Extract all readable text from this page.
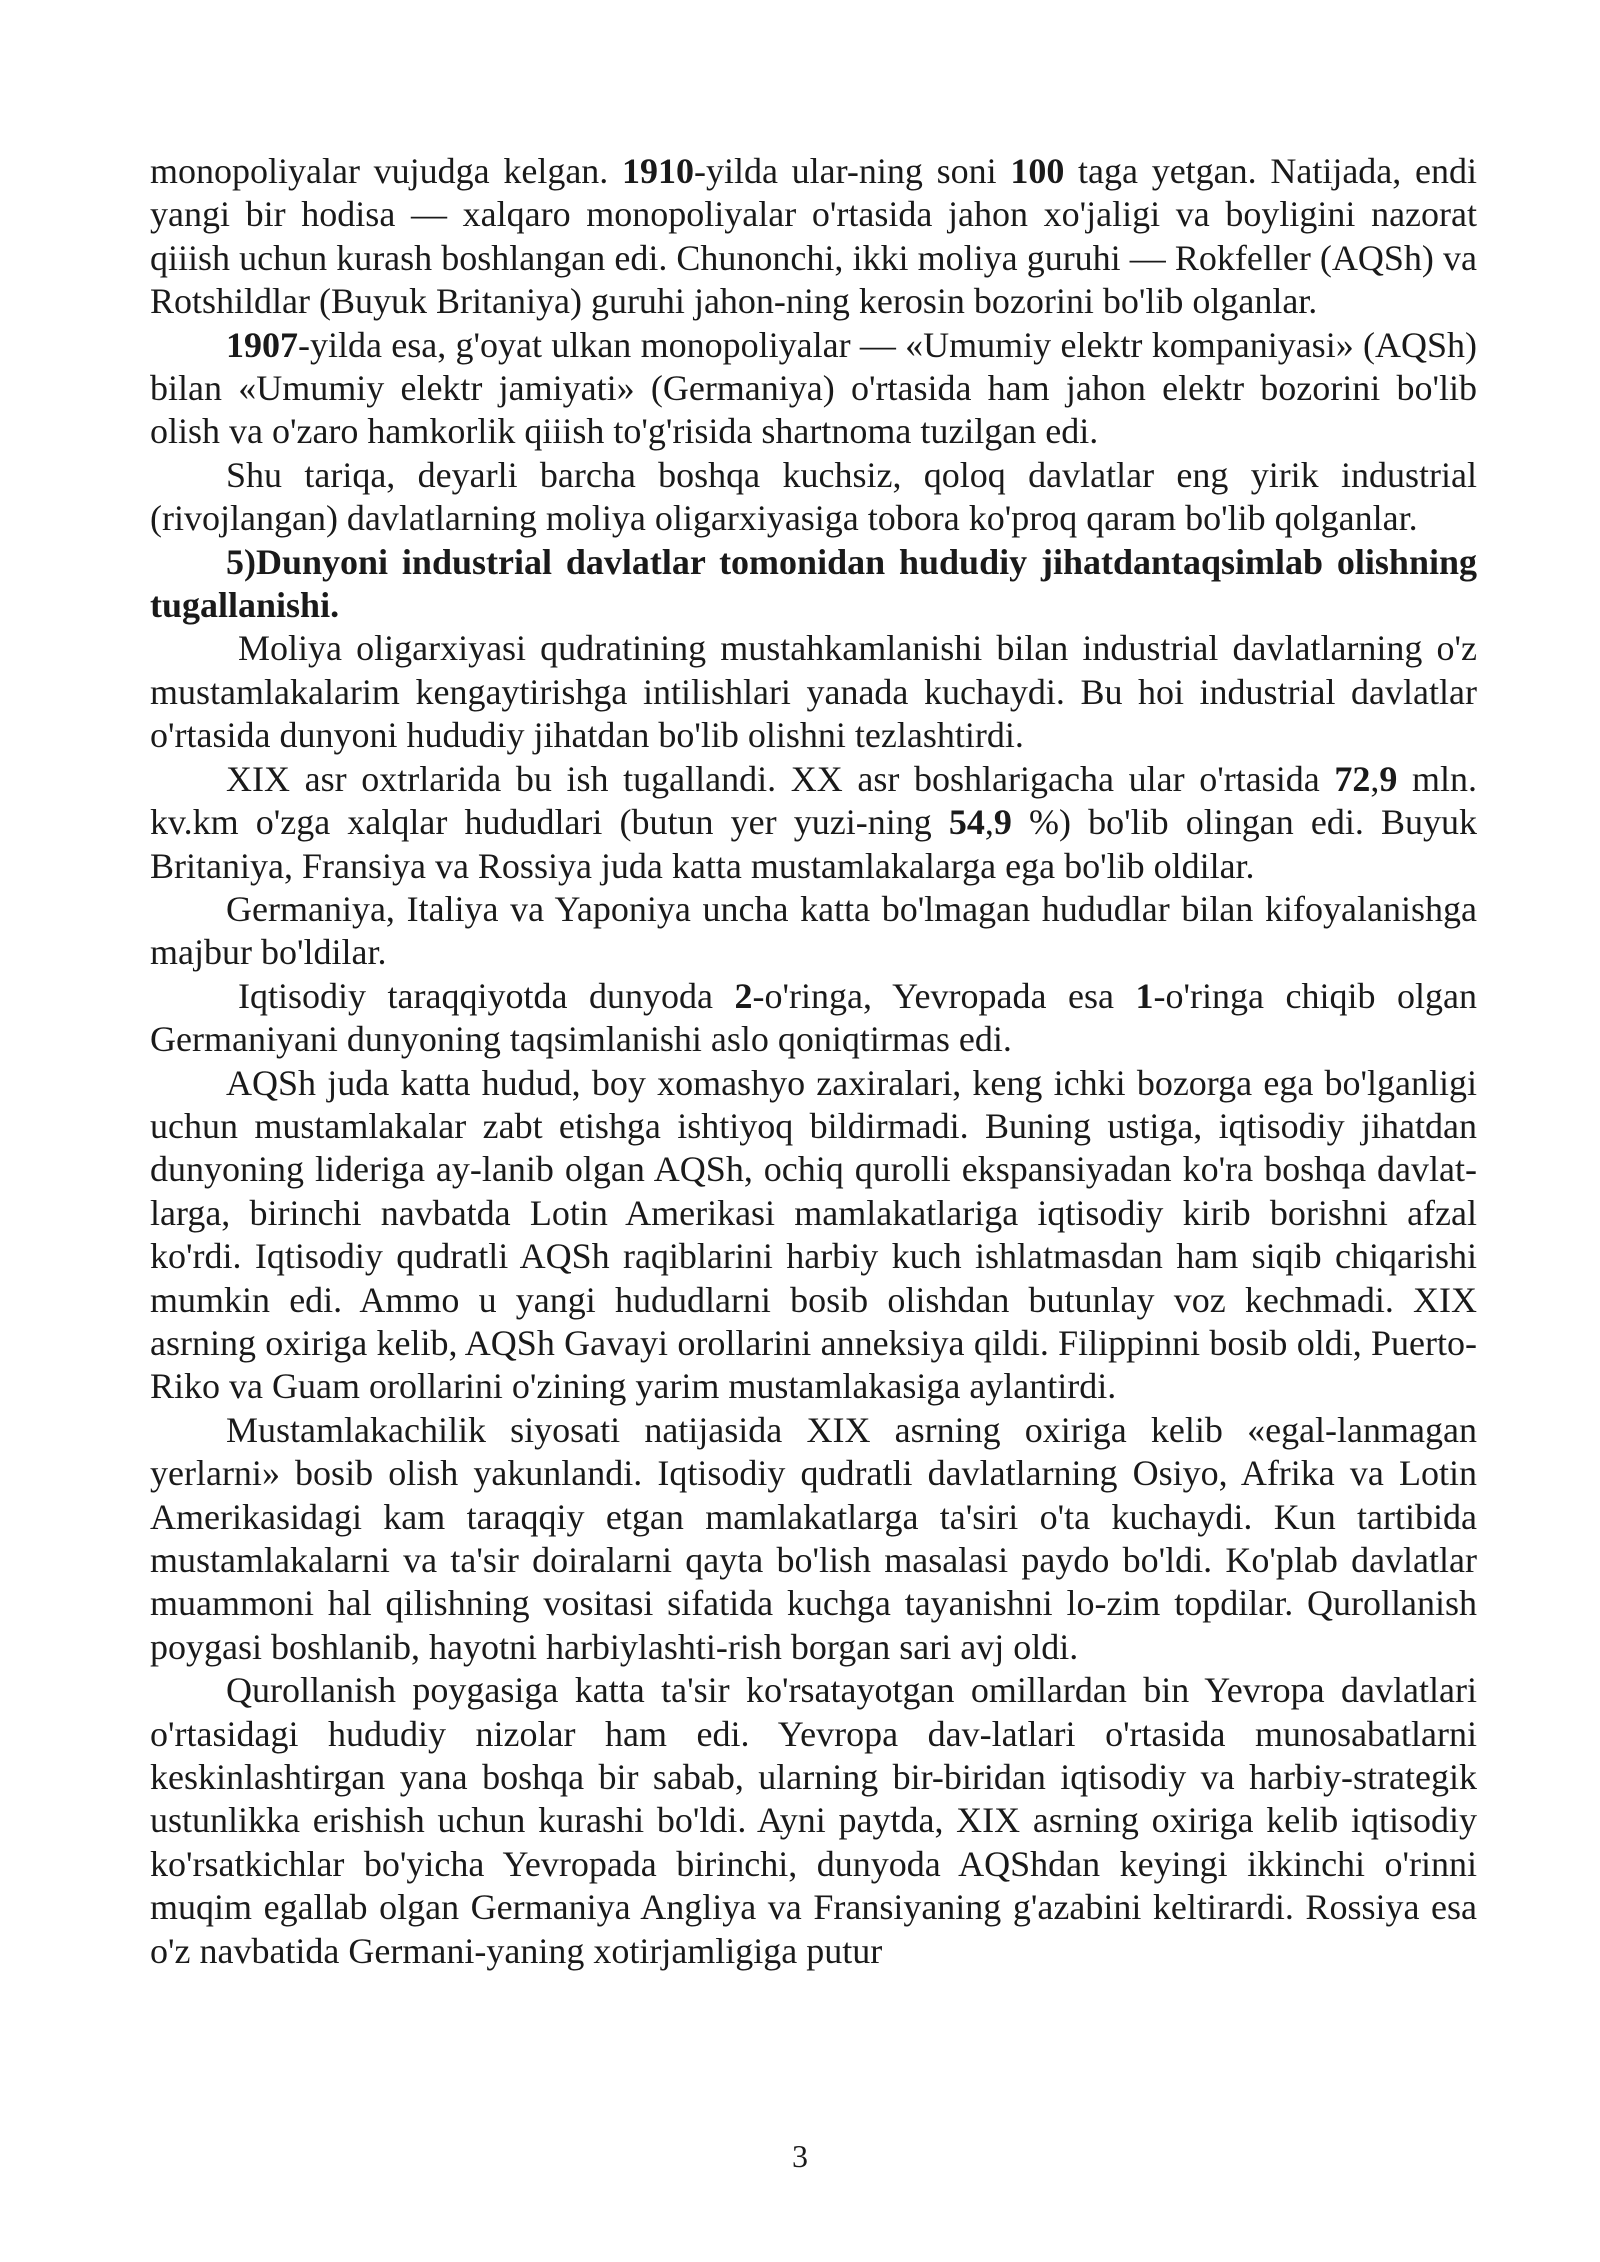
monopoliyalar vujudga kelgan. 1910-yilda ular-ning soni 100 taga yetgan. Natijada, endi yangi bir hodisa — xalqaro monopoliyalar o'rtasida jahon xo'jaligi va boyligini nazorat qiiish uchun kurash boshlangan edi. Chunonchi, ikki moliya guruhi — Rokfeller (AQSh) va Rotshildlar (Buyuk Britaniya) guruhi jahon-ning kerosin bozorini bo'lib olganlar.

1907-yilda esa, g'oyat ulkan monopoliyalar — «Umumiy elektr kompaniyasi» (AQSh) bilan «Umumiy elektr jamiyati» (Germaniya) o'rtasida ham jahon elektr bozorini bo'lib olish va o'zaro hamkorlik qiiish to'g'risida shartnoma tuzilgan edi.

Shu tariqa, deyarli barcha boshqa kuchsiz, qoloq davlatlar eng yirik industrial (rivojlangan) davlatlarning moliya oligarxiyasiga tobora ko'proq qaram bo'lib qolganlar.

5)Dunyoni industrial davlatlar tomonidan hududiy jihatdantaqsimlab olishning tugallanishi.

Moliya oligarxiyasi qudratining mustahkamlanishi bilan industrial davlatlarning o'z mustamlakalarim kengaytirishga intilishlari yanada kuchaydi. Bu hoi industrial davlatlar o'rtasida dunyoni hududiy jihatdan bo'lib olishni tezlashtirdi.

XIX asr oxtrlarida bu ish tugallandi. XX asr boshlarigacha ular o'rtasida 72,9 mln. kv.km o'zga xalqlar hududlari (butun yer yuzi-ning 54,9 %) bo'lib olingan edi. Buyuk Britaniya, Fransiya va Rossiya juda katta mustamlakalarga ega bo'lib oldilar.

Germaniya, Italiya va Yaponiya uncha katta bo'lmagan hududlar bilan kifoyalanishga majbur bo'ldilar.

Iqtisodiy taraqqiyotda dunyoda 2-o'ringa, Yevropada esa 1-o'ringa chiqib olgan Germaniyani dunyoning taqsimlanishi aslo qoniqtirmas edi.

AQSh juda katta hudud, boy xomashyo zaxiralari, keng ichki bozorga ega bo'lganligi uchun mustamlakalar zabt etishga ishtiyoq bildirmadi. Buning ustiga, iqtisodiy jihatdan dunyoning lideriga ay-lanib olgan AQSh, ochiq qurolli ekspansiyadan ko'ra boshqa davlat-larga, birinchi navbatda Lotin Amerikasi mamlakatlariga iqtisodiy kirib borishni afzal ko'rdi. Iqtisodiy qudratli AQSh raqiblarini harbiy kuch ishlatmasdan ham siqib chiqarishi mumkin edi. Ammo u yangi hududlarni bosib olishdan butunlay voz kechmadi. XIX asrning oxiriga kelib, AQSh Gavayi orollarini anneksiya qildi. Filippinni bosib oldi, Puerto-Riko va Guam orollarini o'zining yarim mustamlakasiga aylantirdi.

Mustamlakachilik siyosati natijasida XIX asrning oxiriga kelib «egal-lanmagan yerlarni» bosib olish yakunlandi. Iqtisodiy qudratli davlatlarning Osiyo, Afrika va Lotin Amerikasidagi kam taraqqiy etgan mamlakatlarga ta'siri o'ta kuchaydi. Kun tartibida mustamlakalarni va ta'sir doiralarni qayta bo'lish masalasi paydo bo'ldi. Ko'plab davlatlar muammoni hal qilishning vositasi sifatida kuchga tayanishni lo-zim topdilar. Qurollanish poygasi boshlanib, hayotni harbiylashti-rish borgan sari avj oldi.

Qurollanish poygasiga katta ta'sir ko'rsatayotgan omillardan bin Yevropa davlatlari o'rtasidagi hududiy nizolar ham edi. Yevropa dav-latlari o'rtasida munosabatlarni keskinlashtirgan yana boshqa bir sabab, ularning bir-biridan iqtisodiy va harbiy-strategik ustunlikka erishish uchun kurashi bo'ldi. Ayni paytda, XIX asrning oxiriga kelib iqtisodiy ko'rsatkichlar bo'yicha Yevropada birinchi, dunyoda AQShdan keyingi ikkinchi o'rinni muqim egallab olgan Germaniya Angliya va Fransiyaning g'azabini keltirardi. Rossiya esa o'z navbatida Germani-yaning xotirjamligiga putur

3
